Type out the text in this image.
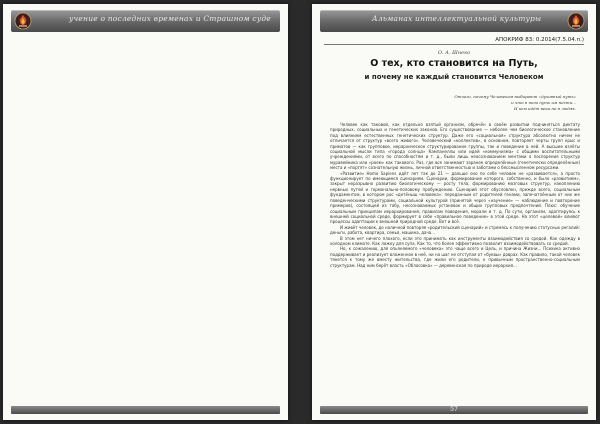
учение о последних временах и Страшном суде	Альманах интеллектуальной культуры
АПОКРИФ 83: 0.2014(7.5.04.п.)
О. А. Шнеко
О тех, кто становится на Путь,
и почему не каждый становится Человеком
Отчего, почему Человеком выбирают «духовный путь»
и что в том путь им нести...
И кем идёт века не в людях.

Человек как таковой, как отдельно взятый организм, обречён в своём развитии подчиняться диктату природных, социальных и генетических законов. Его существование — неболее чем биологическое становление под влиянием естественных генетических структур. Даже его «социальная» структура абсолютно ничем не отличается от структур «всего живого». Человеческий «коллектив», в основном, повторяет черты групп крыс и приматов — как групповое, иерархическое структурирование группы, так и поведение в ней. А высшие взлёты социальной мысли типа «города солнца» Кампанеллы или идей «коммунизма» с общими воспитательными учреждениями, от всего по способностям и т. д., были лишь неосознаванием ментами о поспорения структур муравейника или «роем» как такового. Раз, где все занимают заранее определённые (генетически определённые) места и «портят» сознательную жизнь, личной ответственностью и заботами о бессмысленном ресурсами.

«Развитие» Homo Sapiens идёт лет так до 21 — дальше оно по себе человек не «развивается», а просто функционирует по имеющимся сценариям. Сценарии, формирование которого, собственно, и было «развитием», закрыт неразрывно развитию биологическому — росту тела, формированию мозговых структур, накоплению нервных путей и гормонально-половому пробуждению. Сценарий этот обусловлен, прежде всего, социальным фундаментом, в котором рос «детёныш человека»: переданным от родителей генами, запечатлённым от них же поведенческими структурами, социальной культурой (принятой через «научение» — наблюдение и повторение примеров), состоящей из табу, несознаваемых установок и общих групповых предпочтений. Плюс: обучение социальным принципам иерархирования, правилам поведения, морали и т. д. По сути, организм, адаптируясь к внешней социальной среде, формирует в себе «правильное поведение» в этой среде. На этот «целевой» влияют процессы адаптации к внешней природной среде. Вот и всё.

И живёт человек, до наличной повторяя «родительский сценарий» и стремясь к получению статусных регалий: деньги, работа, квартира, семья, машина, дача...

В этом нет ничего плохого, если это принимать как инструменты взаимодействия со средой. Как одежду в холодном климате. Как ложку для супа. Как то, что более эффективно позволит взаимодействовать со средой.

Но, к сожалению, для опьяняемого «человека» это чаще всего и Цель, и причина Жизни... Психика активно поддерживает и реализует вложенное в неё, ни на шаг не отступая от «буквы» доврах. Как правило, такой человек тянется к тому же вместу жительства, где жили его родители, к привычным пространственно-социальным структурам. Над ним берёт власть «Обласовка» — деревенская по природе иерархия...

57
